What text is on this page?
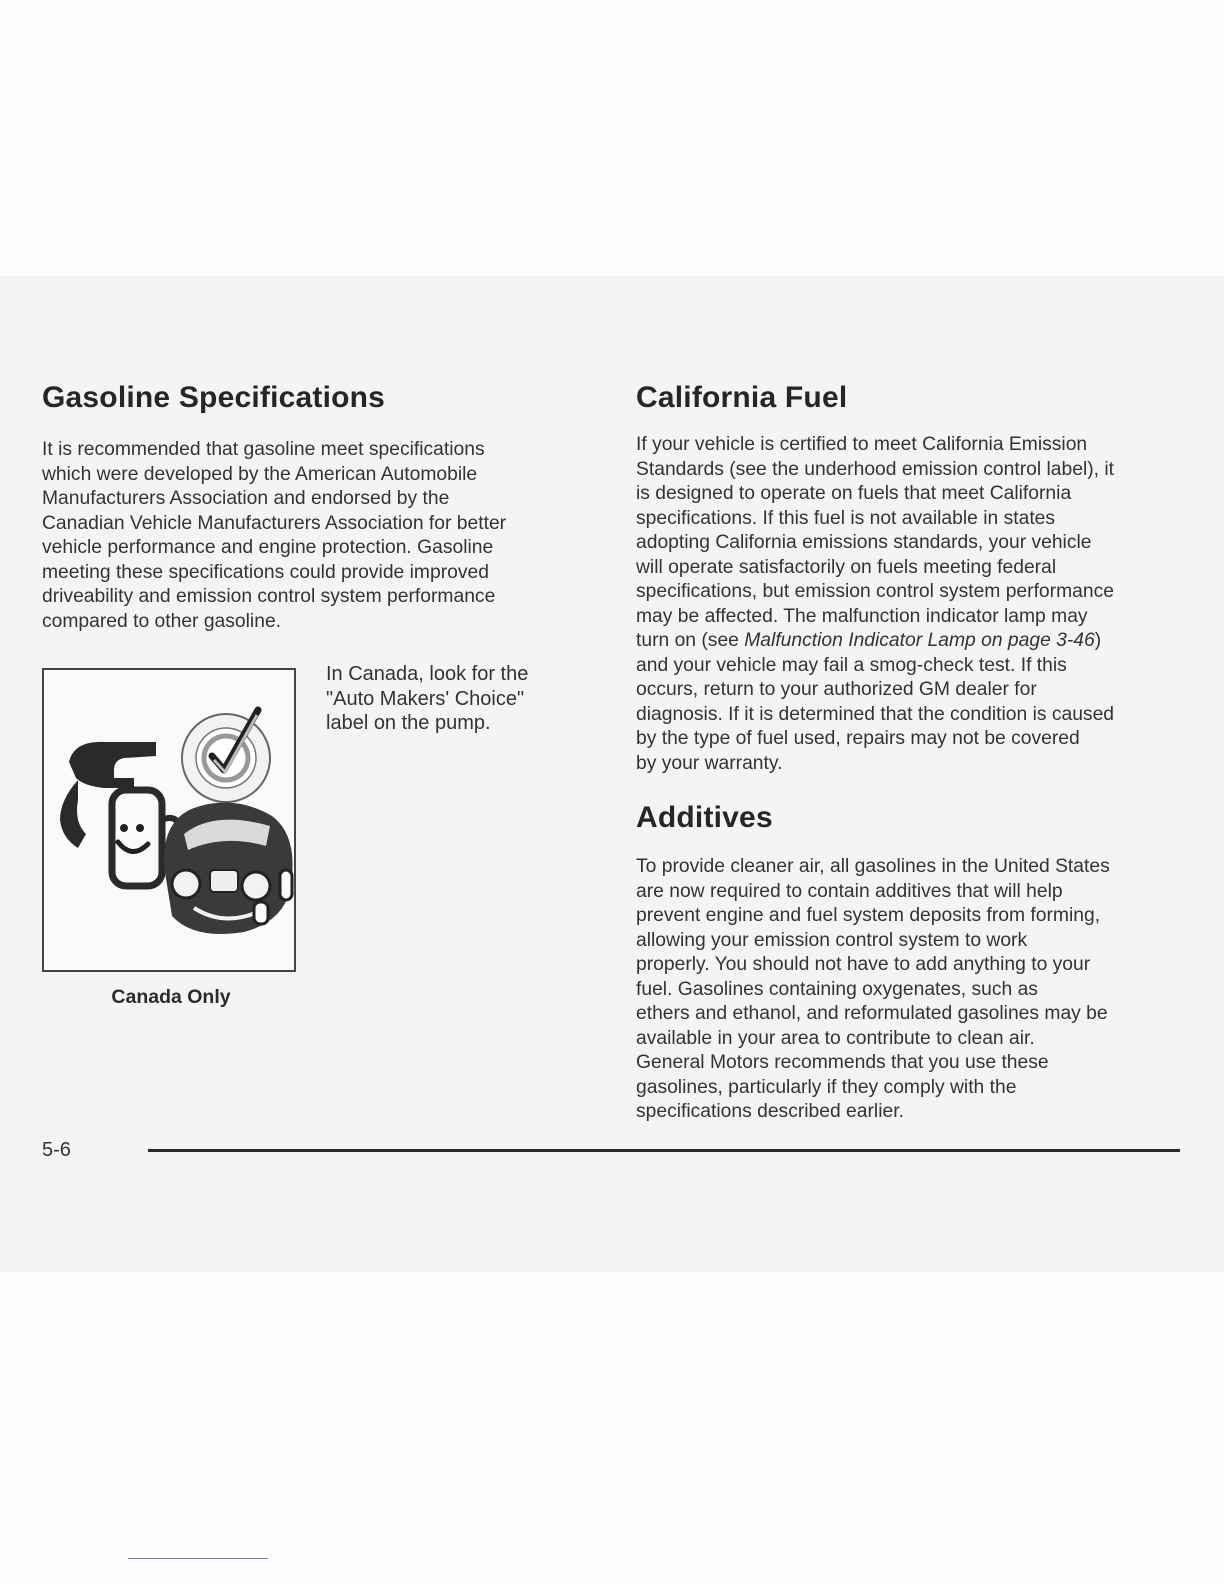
Gasoline Specifications
It is recommended that gasoline meet specifications
which were developed by the American Automobile
Manufacturers Association and endorsed by the
Canadian Vehicle Manufacturers Association for better
vehicle performance and engine protection. Gasoline
meeting these specifications could provide improved
driveability and emission control system performance
compared to other gasoline.
In Canada, look for the
"Auto Makers' Choice"
label on the pump.
Canada Only
California Fuel
If your vehicle is certified to meet California Emission
Standards (see the underhood emission control label), it
is designed to operate on fuels that meet California
specifications. If this fuel is not available in states
adopting California emissions standards, your vehicle
will operate satisfactorily on fuels meeting federal
specifications, but emission control system performance
may be affected. The malfunction indicator lamp may
turn on (see Malfunction Indicator Lamp on page 3-46)
and your vehicle may fail a smog-check test. If this
occurs, return to your authorized GM dealer for
diagnosis. If it is determined that the condition is caused
by the type of fuel used, repairs may not be covered
by your warranty.
Additives
To provide cleaner air, all gasolines in the United States
are now required to contain additives that will help
prevent engine and fuel system deposits from forming,
allowing your emission control system to work
properly. You should not have to add anything to your
fuel. Gasolines containing oxygenates, such as
ethers and ethanol, and reformulated gasolines may be
available in your area to contribute to clean air.
General Motors recommends that you use these
gasolines, particularly if they comply with the
specifications described earlier.
5-6
